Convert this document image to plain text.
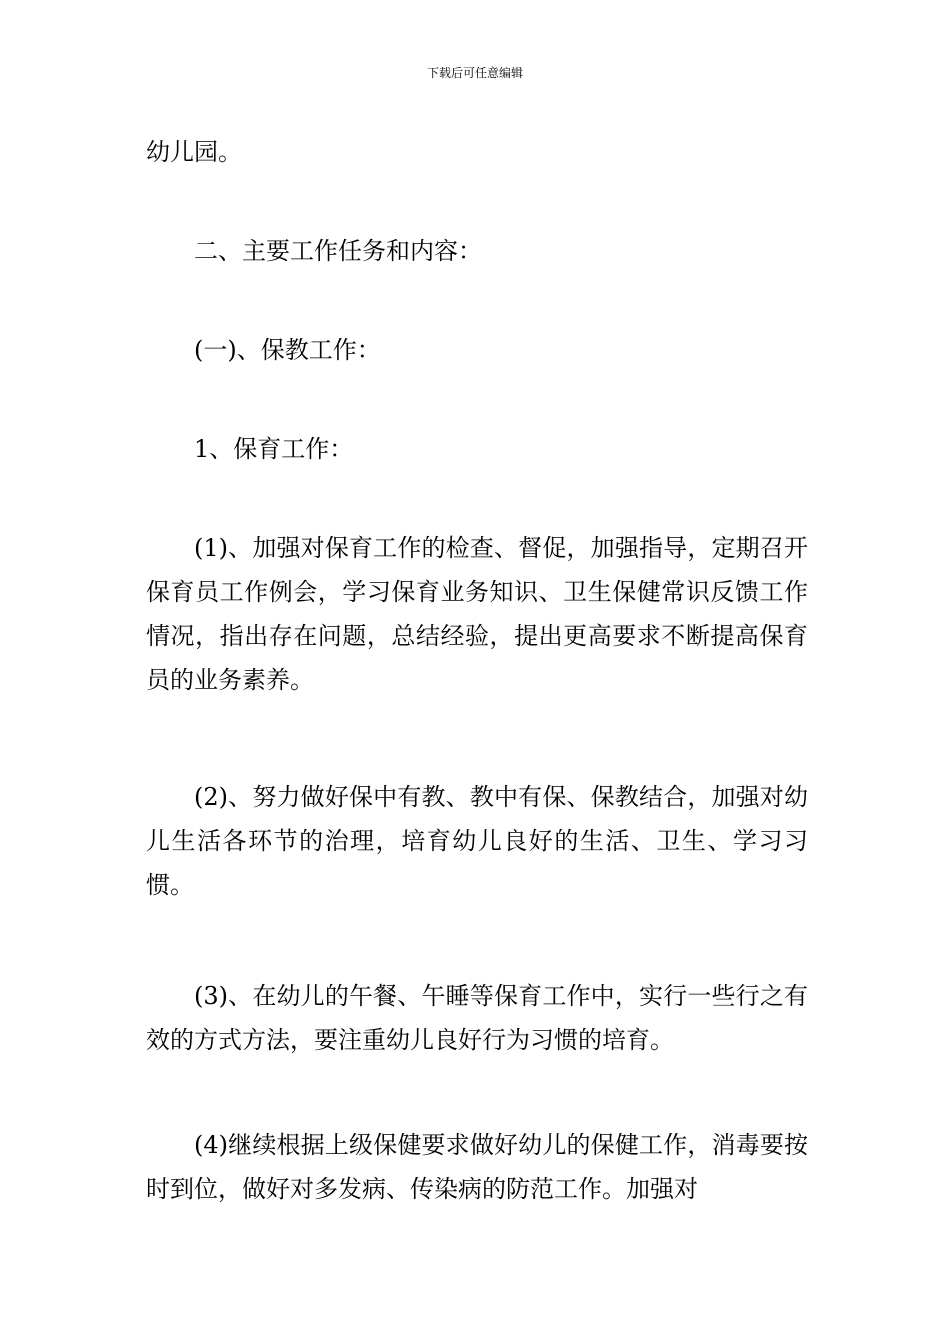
下载后可任意编辑
幼儿园。
二、主要工作任务和内容：
(一)、保教工作：
1、保育工作：
(1)、加强对保育工作的检查、督促，加强指导，定期召开保育员工作例会，学习保育业务知识、卫生保健常识反馈工作情况，指出存在问题，总结经验，提出更高要求不断提高保育员的业务素养。
(2)、努力做好保中有教、教中有保、保教结合，加强对幼儿生活各环节的治理，培育幼儿良好的生活、卫生、学习习惯。
(3)、在幼儿的午餐、午睡等保育工作中，实行一些行之有效的方式方法，要注重幼儿良好行为习惯的培育。
(4)继续根据上级保健要求做好幼儿的保健工作，消毒要按时到位，做好对多发病、传染病的防范工作。加强对
